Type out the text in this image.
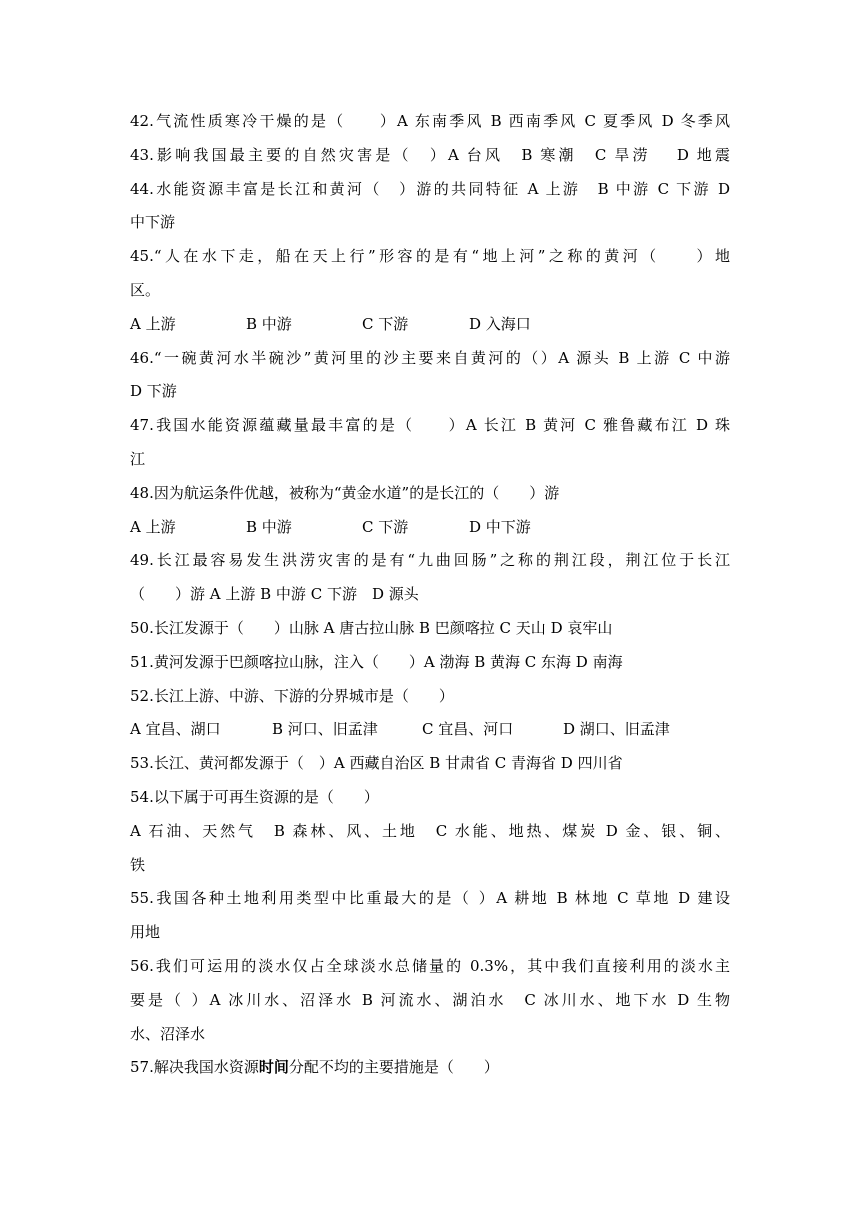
42.气流性质寒冷干燥的是（　　）A 东南季风 B 西南季风 C 夏季风 D 冬季风
43.影响我国最主要的自然灾害是（　）A 台风　B 寒潮　C 旱涝　 D 地震
44.水能资源丰富是长江和黄河（　）游的共同特征 A 上游　B 中游 C 下游 D
中下游
45.“人在水下走，船在天上行”形容的是有“地上河”之称的黄河（　　）地
区。
A 上游	B 中游	C 下游	D 入海口
46.“一碗黄河水半碗沙”黄河里的沙主要来自黄河的（）A 源头 B 上游 C 中游
D 下游
47.我国水能资源蕴藏量最丰富的是（　　）A 长江 B 黄河 C 雅鲁藏布江 D 珠
江
48.因为航运条件优越，被称为“黄金水道”的是长江的（　　）游
A 上游	B 中游	C 下游	D 中下游
49.长江最容易发生洪涝灾害的是有“九曲回肠”之称的荆江段，荆江位于长江
（　　）游 A 上游 B 中游 C 下游　D 源头
50.长江发源于（　　）山脉 A 唐古拉山脉 B 巴颜喀拉 C 天山 D 哀牢山
51.黄河发源于巴颜喀拉山脉，注入（　　）A 渤海 B 黄海 C 东海 D 南海
52.长江上游、中游、下游的分界城市是（　　）
A 宜昌、湖口	B 河口、旧孟津	C 宜昌、河口	D 湖口、旧孟津
53.长江、黄河都发源于（　）A 西藏自治区 B 甘肃省 C 青海省 D 四川省
54.以下属于可再生资源的是（　　）
A 石油、天然气　B 森林、风、土地　C 水能、地热、煤炭 D 金、银、铜、
铁
55.我国各种土地利用类型中比重最大的是（ ）A 耕地 B 林地 C 草地 D 建设
用地
56.我们可运用的淡水仅占全球淡水总储量的 0.3%，其中我们直接利用的淡水主
要是（ ）A 冰川水、沼泽水 B 河流水、湖泊水　C 冰川水、地下水 D 生物
水、沼泽水
57.解决我国水资源时间分配不均的主要措施是（　　）
